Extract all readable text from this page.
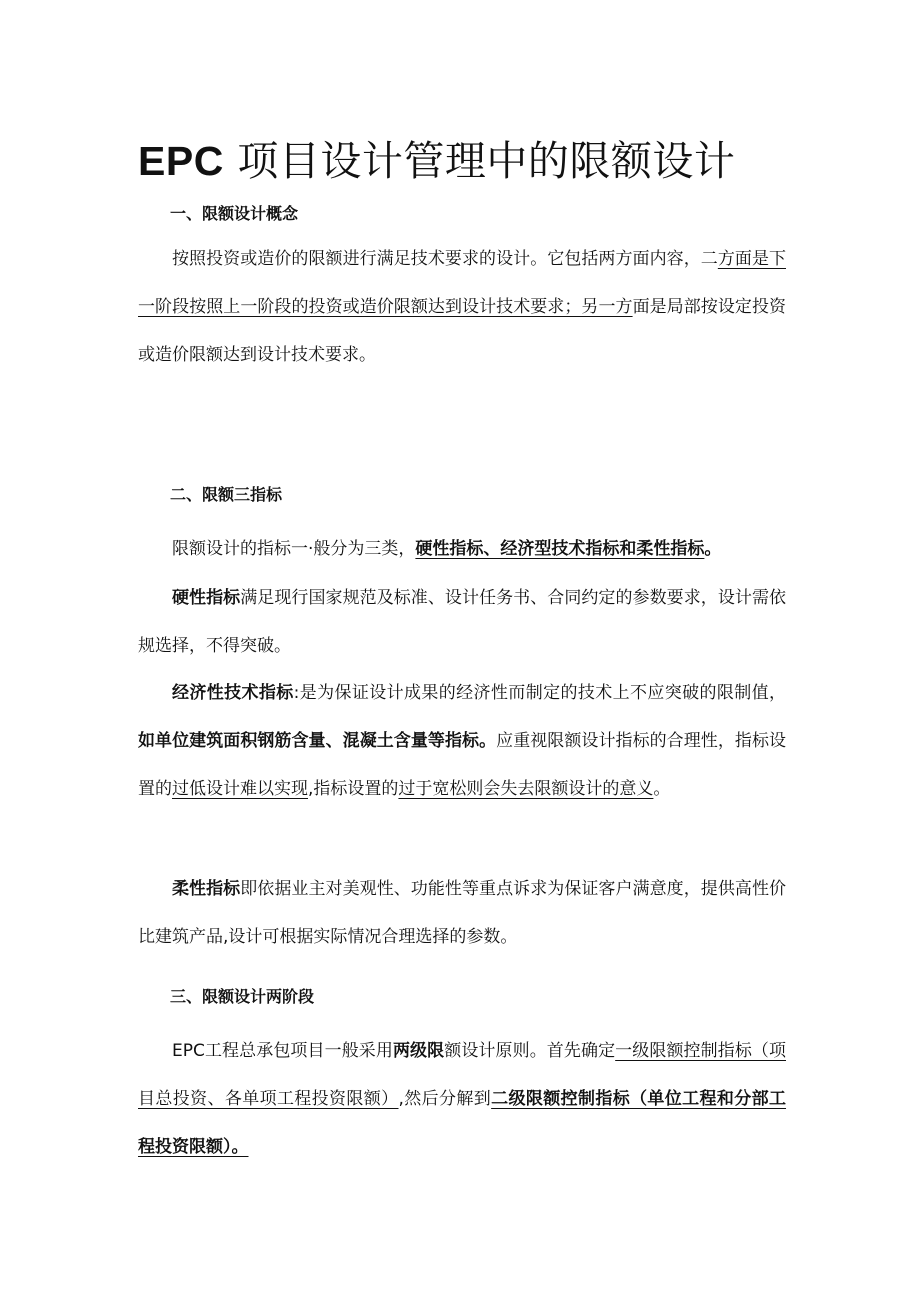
EPC 项目设计管理中的限额设计
一、限额设计概念

按照投资或造价的限额进行满足技术要求的设计。它包括两方面内容，二方面是下一阶段按照上一阶段的投资或造价限额达到设计技术要求；另一方面是局部按设定投资或造价限额达到设计技术要求。

二、限额三指标

限额设计的指标一·般分为三类，硬性指标、经济型技术指标和柔性指标。

硬性指标满足现行国家规范及标准、设计任务书、合同约定的参数要求，设计需依规选择，不得突破。

经济性技术指标:是为保证设计成果的经济性而制定的技术上不应突破的限制值，如单位建筑面积钢筋含量、混凝土含量等指标。应重视限额设计指标的合理性，指标设置的过低设计难以实现,指标设置的过于宽松则会失去限额设计的意义。

柔性指标即依据业主对美观性、功能性等重点诉求为保证客户满意度，提供高性价比建筑产品,设计可根据实际情况合理选择的参数。

三、限额设计两阶段

EPC工程总承包项目一般采用两级限额设计原则。首先确定一级限额控制指标（项目总投资、各单项工程投资限额）,然后分解到二级限额控制指标（单位工程和分部工程投资限额）。
